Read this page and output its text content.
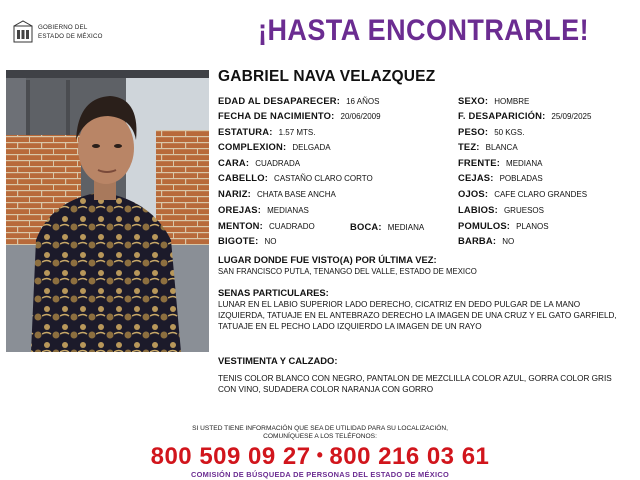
GOBIERNO DEL
ESTADO DE MÉXICO	¡HASTA ENCONTRARLE!
GABRIEL NAVA VELAZQUEZ
EDAD AL DESAPARECER: 16 AÑOS
FECHA DE NACIMIENTO: 20/06/2009
ESTATURA: 1.57 MTS.
COMPLEXION: DELGADA
CARA: CUADRADA
CABELLO: CASTAÑO CLARO CORTO
NARIZ: CHATA BASE ANCHA
OREJAS: MEDIANAS
MENTON: CUADRADO
BIGOTE: NO
BOCA: MEDIANA
SEXO: HOMBRE
F. DESAPARICIÓN: 25/09/2025
PESO: 50 KGS.
TEZ: BLANCA
FRENTE: MEDIANA
CEJAS: POBLADAS
OJOS: CAFE CLARO GRANDES
LABIOS: GRUESOS
POMULOS: PLANOS
BARBA: NO
LUGAR DONDE FUE VISTO(A) POR ÚLTIMA VEZ:
SAN FRANCISCO PUTLA, TENANGO DEL VALLE, ESTADO DE MEXICO
SENAS PARTICULARES:
LUNAR EN EL LABIO SUPERIOR LADO DERECHO, CICATRIZ EN DEDO PULGAR DE LA MANO IZQUIERDA, TATUAJE EN EL ANTEBRAZO DERECHO LA IMAGEN DE UNA CRUZ Y EL GATO GARFIELD, TATUAJE EN EL PECHO LADO IZQUIERDO LA IMAGEN DE UN RAYO
VESTIMENTA Y CALZADO:
TENIS COLOR BLANCO CON NEGRO, PANTALON DE MEZCLILLA COLOR AZUL, GORRA COLOR GRIS CON VINO, SUDADERA COLOR NARANJA CON GORRO
SI USTED TIENE INFORMACIÓN QUE SEA DE UTILIDAD PARA SU LOCALIZACIÓN,
COMUNÍQUESE A LOS TELÉFONOS:
800 509 09 27 • 800 216 03 61
COMISIÓN DE BÚSQUEDA DE PERSONAS DEL ESTADO DE MÉXICO
